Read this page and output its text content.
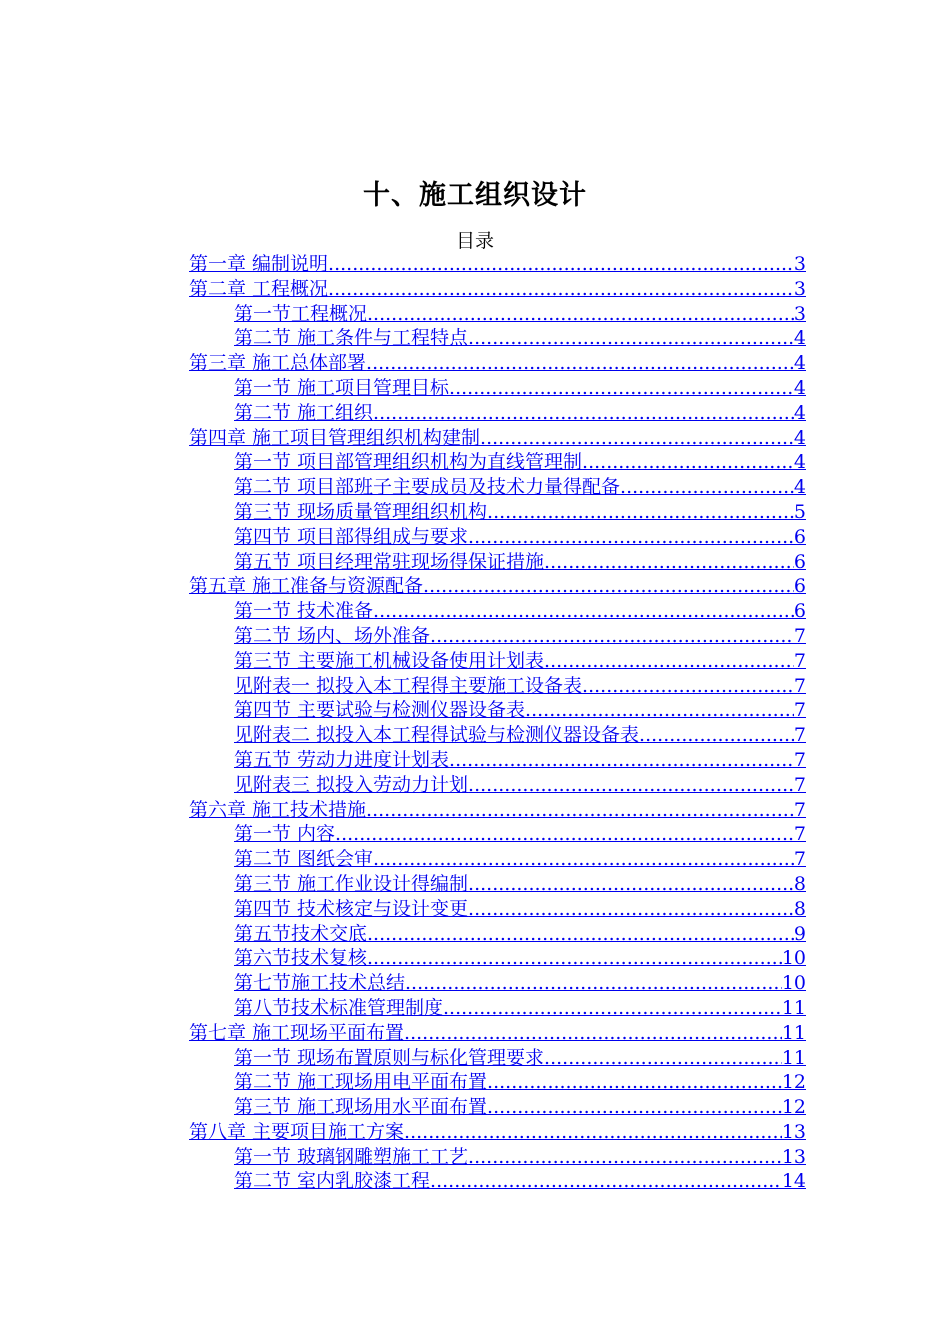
十、施工组织设计
目录
第一章 编制说明 .....	3
第二章 工程概况 .....	3
第一节工程概况 .....	3
第二节 施工条件与工程特点 .....	4
第三章 施工总体部署 .....	4
第一节 施工项目管理目标 .....	4
第二节 施工组织 .....	4
第四章 施工项目管理组织机构建制 .....	4
第一节 项目部管理组织机构为直线管理制 .....	4
第二节 项目部班子主要成员及技术力量得配备 .....	4
第三节 现场质量管理组织机构 .....	5
第四节 项目部得组成与要求 .....	6
第五节 项目经理常驻现场得保证措施 .....	6
第五章 施工准备与资源配备 .....	6
第一节 技术准备 .....	6
第二节 场内、场外准备 .....	7
第三节 主要施工机械设备使用计划表 .....	7
见附表一 拟投入本工程得主要施工设备表 .....	7
第四节 主要试验与检测仪器设备表 .....	7
见附表二 拟投入本工程得试验与检测仪器设备表 .....	7
第五节 劳动力进度计划表 .....	7
见附表三 拟投入劳动力计划 .....	7
第六章 施工技术措施 .....	7
第一节 内容 .....	7
第二节 图纸会审 .....	7
第三节 施工作业设计得编制 .....	8
第四节 技术核定与设计变更 .....	8
第五节技术交底 .....	9
第六节技术复核 .....	10
第七节施工技术总结 .....	10
第八节技术标准管理制度 .....	11
第七章 施工现场平面布置 .....	11
第一节 现场布置原则与标化管理要求 .....	11
第二节 施工现场用电平面布置 .....	12
第三节 施工现场用水平面布置 .....	12
第八章 主要项目施工方案 .....	13
第一节 玻璃钢雕塑施工工艺 .....	13
第二节 室内乳胶漆工程 .....	14
